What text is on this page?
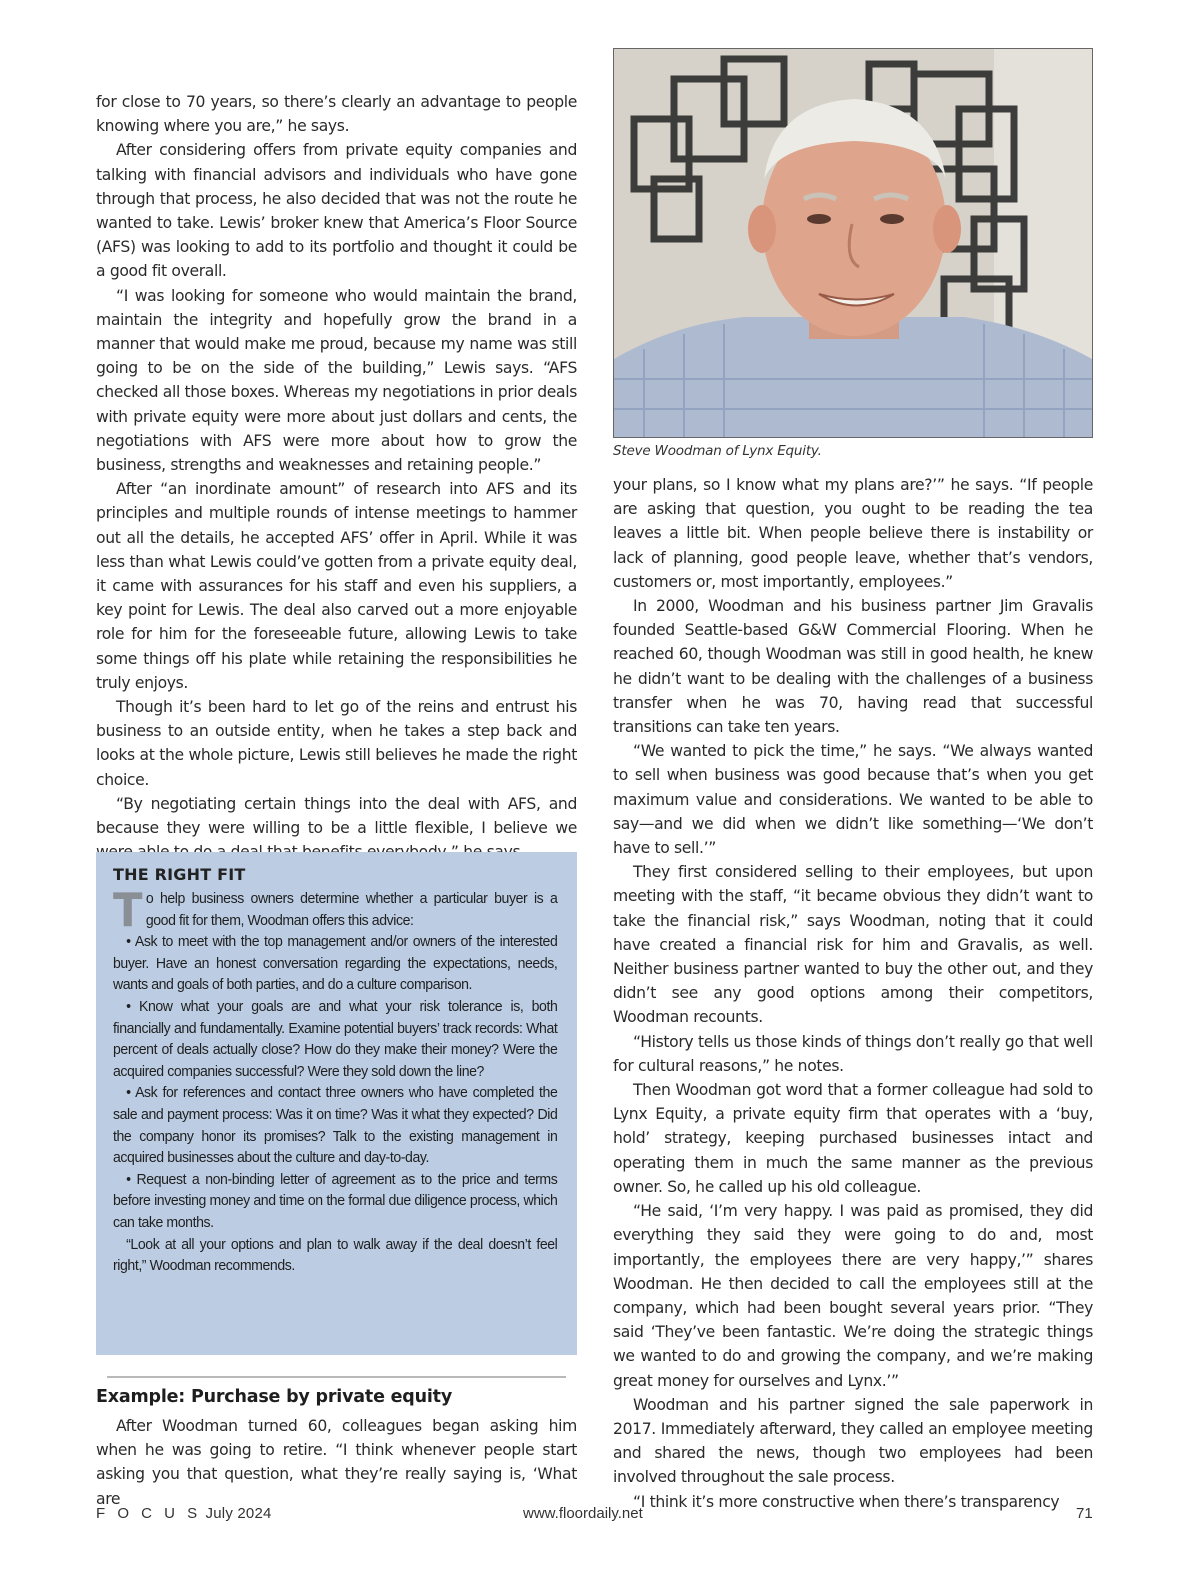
for close to 70 years, so there’s clearly an advantage to people knowing where you are,” he says.

After considering offers from private equity companies and talking with financial advisors and individuals who have gone through that process, he also decided that was not the route he wanted to take. Lewis’ broker knew that America’s Floor Source (AFS) was looking to add to its portfolio and thought it could be a good fit overall.

“I was looking for someone who would maintain the brand, maintain the integrity and hopefully grow the brand in a manner that would make me proud, because my name was still going to be on the side of the building,” Lewis says. “AFS checked all those boxes. Whereas my negotiations in prior deals with private equity were more about just dollars and cents, the negotiations with AFS were more about how to grow the business, strengths and weaknesses and retaining people.”

After “an inordinate amount” of research into AFS and its principles and multiple rounds of intense meetings to hammer out all the details, he accepted AFS’ offer in April. While it was less than what Lewis could’ve gotten from a private equity deal, it came with assurances for his staff and even his suppliers, a key point for Lewis. The deal also carved out a more enjoyable role for him for the foreseeable future, allowing Lewis to take some things off his plate while retaining the responsibilities he truly enjoys.

Though it’s been hard to let go of the reins and entrust his business to an outside entity, when he takes a step back and looks at the whole picture, Lewis still believes he made the right choice.

“By negotiating certain things into the deal with AFS, and because they were willing to be a little flexible, I believe we

THE RIGHT FIT

To help business owners determine whether a particular buyer is a good fit for them, Woodman offers this advice:

• Ask to meet with the top management and/or owners of the interested buyer. Have an honest conversation regarding the expectations, needs, wants and goals of both parties, and do a culture comparison.

• Know what your goals are and what your risk tolerance is, both financially and fundamentally. Examine potential buyers’ track records: What percent of deals actually close? How do they make their money? Were the acquired companies successful? Were they sold down the line?

• Ask for references and contact three owners who have completed the sale and payment process: Was it on time? Was it what they expected? Did the company honor its promises? Talk to the existing management in acquired businesses about the culture and day-to-day.

• Request a non-binding letter of agreement as to the price and terms before investing money and time on the formal due diligence process, which can take months.

“Look at all your options and plan to walk away if the deal doesn’t feel right,” Woodman recommends.

Example: Purchase by private equity

After Woodman turned 60, colleagues began asking him when he was going to retire. “I think whenever people start asking you that question, what they’re really saying is, ‘What are

Steve Woodman of Lynx Equity.

your plans, so I know what my plans are?’” he says. “If people are asking that question, you ought to be reading the tea leaves a little bit. When people believe there is instability or lack of planning, good people leave, whether that’s vendors, customers or, most importantly, employees.”

In 2000, Woodman and his business partner Jim Gravalis founded Seattle-based G&W Commercial Flooring. When he reached 60, though Woodman was still in good health, he knew he didn’t want to be dealing with the challenges of a business transfer when he was 70, having read that successful transitions can take ten years.

“We wanted to pick the time,” he says. “We always wanted to sell when business was good because that’s when you get maximum value and considerations. We wanted to be able to say—and we did when we didn’t like something—‘We don’t have to sell.’”

They first considered selling to their employees, but upon meeting with the staff, “it became obvious they didn’t want to take the financial risk,” says Woodman, noting that it could have created a financial risk for him and Gravalis, as well. Neither business partner wanted to buy the other out, and they didn’t see any good options among their competitors, Woodman recounts.

“History tells us those kinds of things don’t really go that well for cultural reasons,” he notes.

Then Woodman got word that a former colleague had sold to Lynx Equity, a private equity firm that operates with a ‘buy, hold’ strategy, keeping purchased businesses intact and operating them in much the same manner as the previous owner. So, he called up his old colleague.

“He said, ‘I’m very happy. I was paid as promised, they did everything they said they were going to do and, most importantly, the employees there are very happy,’” shares Woodman. He then decided to call the employees still at the company, which had been bought several years prior. “They said ‘They’ve been fantastic. We’re doing the strategic things we wanted to do and growing the company, and we’re making great money for ourselves and Lynx.’”

Woodman and his partner signed the sale paperwork in 2017. Immediately afterward, they called an employee meeting and shared the news, though two employees had been involved throughout the sale process.

“I think it’s more constructive when there’s transparency

F O C U S July 2024	www.floordaily.net	71
